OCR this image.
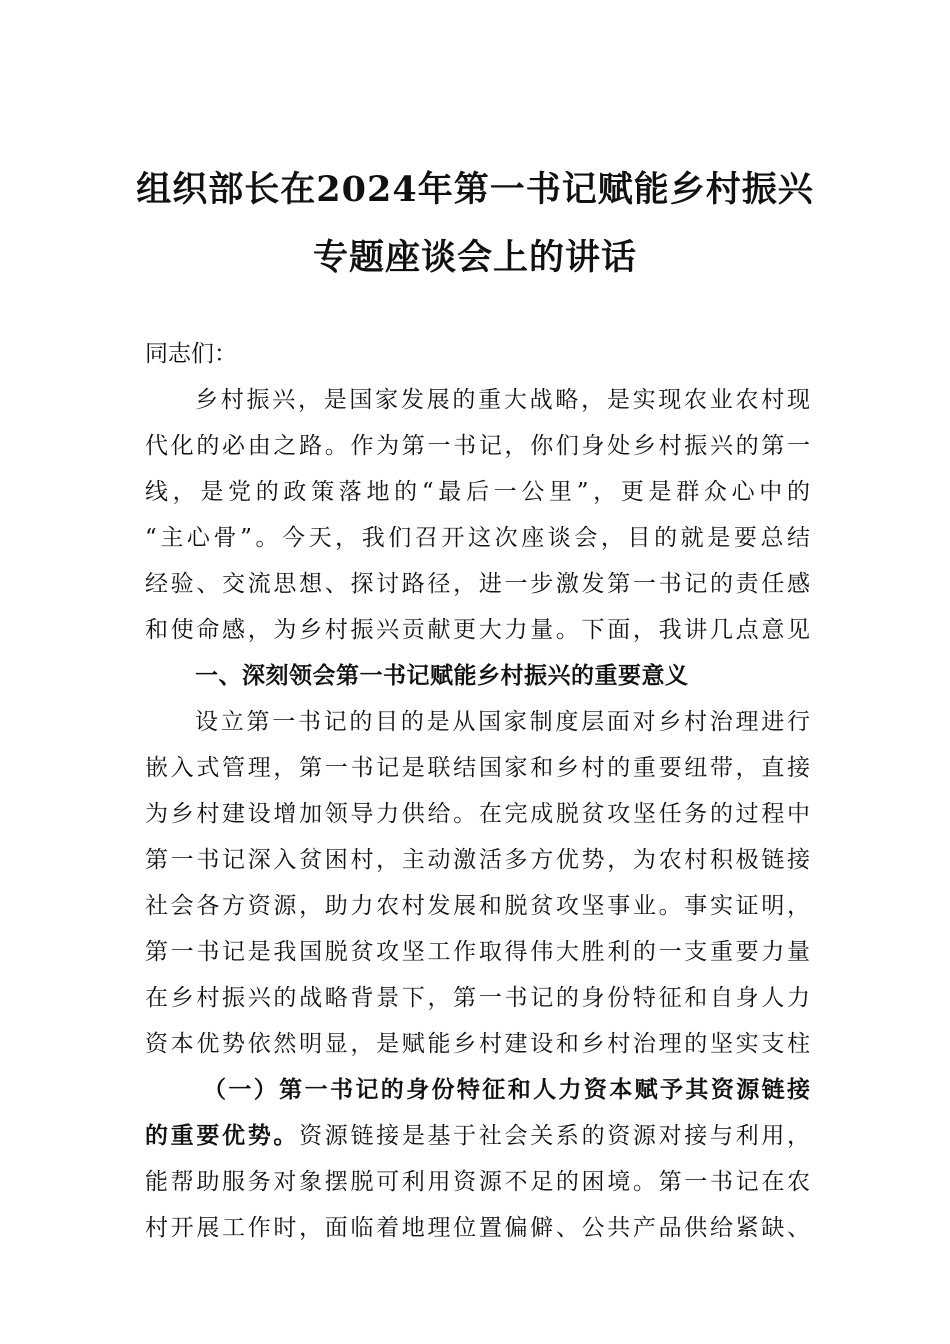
组织部长在2024年第一书记赋能乡村振兴
专题座谈会上的讲话
同志们：
乡村振兴，是国家发展的重大战略，是实现农业农村现
代化的必由之路。作为第一书记，你们身处乡村振兴的第一
线，是党的政策落地的“最后一公里”，更是群众心中的
“主心骨”。今天，我们召开这次座谈会，目的就是要总结
经验、交流思想、探讨路径，进一步激发第一书记的责任感
和使命感，为乡村振兴贡献更大力量。下面，我讲几点意见
一、深刻领会第一书记赋能乡村振兴的重要意义
设立第一书记的目的是从国家制度层面对乡村治理进行
嵌入式管理，第一书记是联结国家和乡村的重要纽带，直接
为乡村建设增加领导力供给。在完成脱贫攻坚任务的过程中
第一书记深入贫困村，主动激活多方优势，为农村积极链接
社会各方资源，助力农村发展和脱贫攻坚事业。事实证明，
第一书记是我国脱贫攻坚工作取得伟大胜利的一支重要力量
在乡村振兴的战略背景下，第一书记的身份特征和自身人力
资本优势依然明显，是赋能乡村建设和乡村治理的坚实支柱
（一）第一书记的身份特征和人力资本赋予其资源链接
的重要优势。资源链接是基于社会关系的资源对接与利用，
能帮助服务对象摆脱可利用资源不足的困境。第一书记在农
村开展工作时，面临着地理位置偏僻、公共产品供给紧缺、
